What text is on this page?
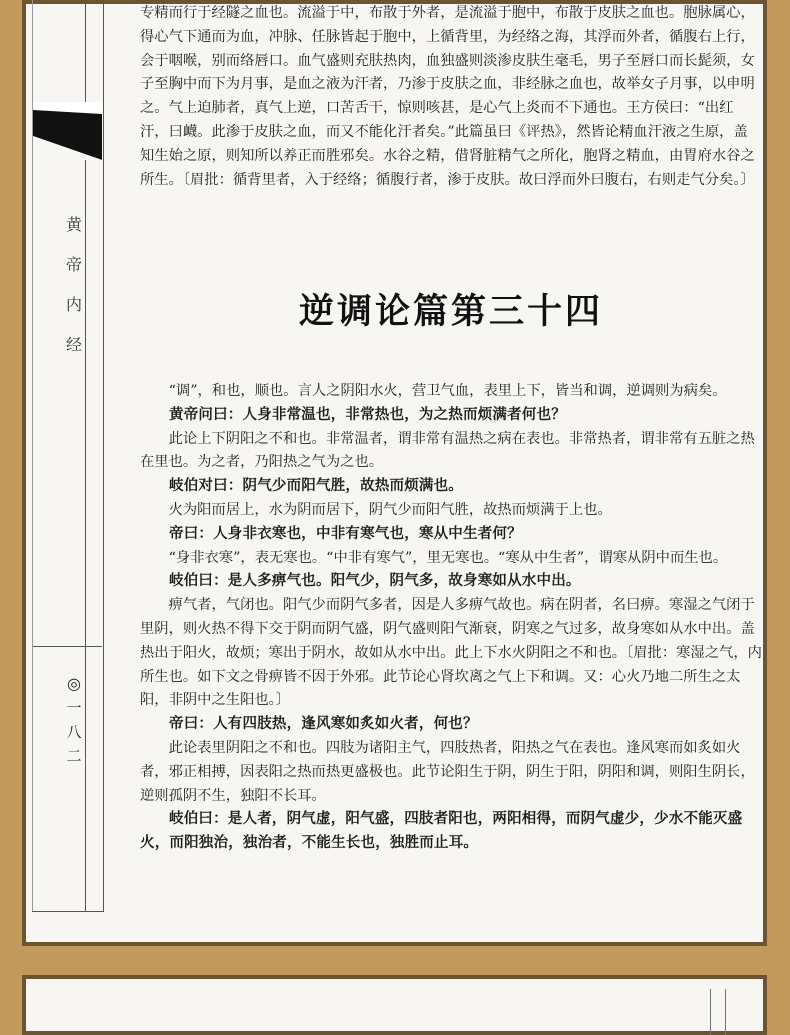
黄
帝
内
经
◎
一
八
二

专精而行于经隧之血也。流溢于中，布散于外者，是流溢于胞中，布散于皮肤之血也。胞脉属心，得心气下通而为血，冲脉、任脉皆起于胞中，上循背里，为经络之海，其浮而外者，循腹右上行，会于咽喉，别而络唇口。血气盛则充肤热肉，血独盛则淡渗皮肤生毫毛，男子至唇口而长髭须，女子至胸中而下为月事，是血之液为汗者，乃渗于皮肤之血，非经脉之血也，故举女子月事，以申明之。气上迫肺者，真气上逆，口苦舌干，惊则咳甚，是心气上炎而不下通也。王方侯曰：“出红汗，曰衊。此渗于皮肤之血，而又不能化汗者矣。”此篇虽曰《评热》，然皆论精血汗液之生原，盖知生始之原，则知所以养正而胜邪矣。水谷之精，借肾脏精气之所化，胞肾之精血，由胃府水谷之所生。〔眉批：循背里者，入于经络；循腹行者，渗于皮肤。故曰浮而外曰腹右，右则走气分矣。〕

逆调论篇第三十四

“调”，和也，顺也。言人之阴阳水火，营卫气血，表里上下，皆当和调，逆调则为病矣。

黄帝问曰：人身非常温也，非常热也，为之热而烦满者何也？

此论上下阴阳之不和也。非常温者，谓非常有温热之病在表也。非常热者，谓非常有五脏之热在里也。为之者，乃阳热之气为之也。

岐伯对曰：阴气少而阳气胜，故热而烦满也。

火为阳而居上，水为阴而居下，阴气少而阳气胜，故热而烦满于上也。

帝曰：人身非衣寒也，中非有寒气也，寒从中生者何？

“身非衣寒”，表无寒也。“中非有寒气”，里无寒也。“寒从中生者”，谓寒从阴中而生也。

岐伯曰：是人多痹气也。阳气少，阴气多，故身寒如从水中出。

痹气者，气闭也。阳气少而阴气多者，因是人多痹气故也。病在阴者，名曰痹。寒湿之气闭于里阴，则火热不得下交于阴而阴气盛，阴气盛则阳气渐衰，阴寒之气过多，故身寒如从水中出。盖热出于阳火，故烦；寒出于阴水，故如从水中出。此上下水火阴阳之不和也。〔眉批：寒湿之气，内所生也。如下文之骨痹皆不因于外邪。此节论心肾坎离之气上下和调。又：心火乃地二所生之太阳，非阴中之生阳也。〕

帝曰：人有四肢热，逢风寒如炙如火者，何也？

此论表里阴阳之不和也。四肢为诸阳主气，四肢热者，阳热之气在表也。逢风寒而如炙如火者，邪正相搏，因表阳之热而热更盛极也。此节论阳生于阴，阴生于阳，阴阳和调，则阳生阴长，逆则孤阴不生，独阳不长耳。

岐伯曰：是人者，阴气虚，阳气盛，四肢者阳也，两阳相得，而阴气虚少，少水不能灭盛火，而阳独治，独治者，不能生长也，独胜而止耳。
